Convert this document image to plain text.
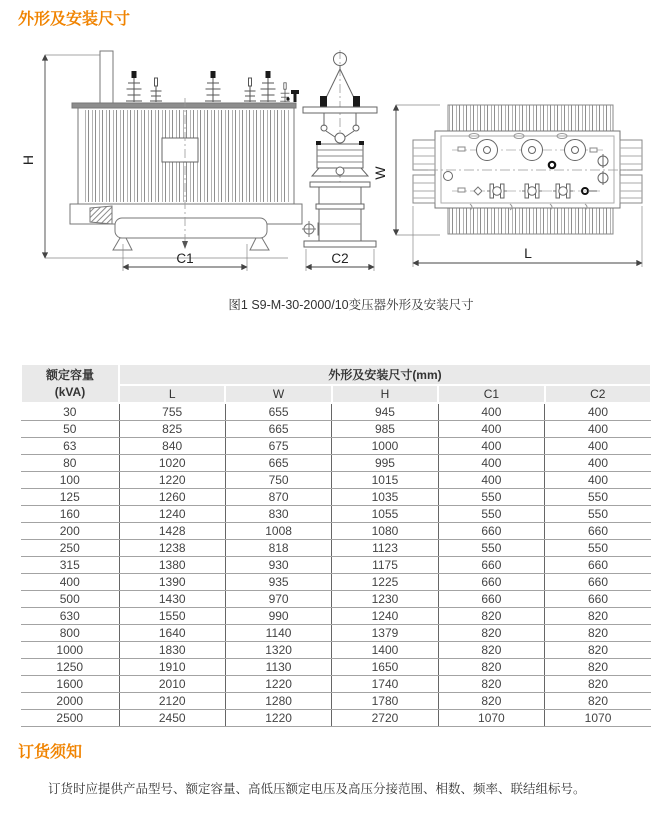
外形及安装尺寸
H
C1	C2
W
L
图1 S9-M-30-2000/10变压器外形及安装尺寸
额定容量
(kVA)	外形及安装尺寸(mm)				
	L	W	H	C1	C2
30	755	655	945	400	400
50	825	665	985	400	400
63	840	675	1000	400	400
80	1020	665	995	400	400
100	1220	750	1015	400	400
125	1260	870	1035	550	550
160	1240	830	1055	550	550
200	1428	1008	1080	660	660
250	1238	818	1123	550	550
315	1380	930	1175	660	660
400	1390	935	1225	660	660
500	1430	970	1230	660	660
630	1550	990	1240	820	820
800	1640	1140	1379	820	820
1000	1830	1320	1400	820	820
1250	1910	1130	1650	820	820
1600	2010	1220	1740	820	820
2000	2120	1280	1780	820	820
2500	2450	1220	2720	1070	1070
订货须知

订货时应提供产品型号、额定容量、高低压额定电压及高压分接范围、相数、频率、联结组标号。
